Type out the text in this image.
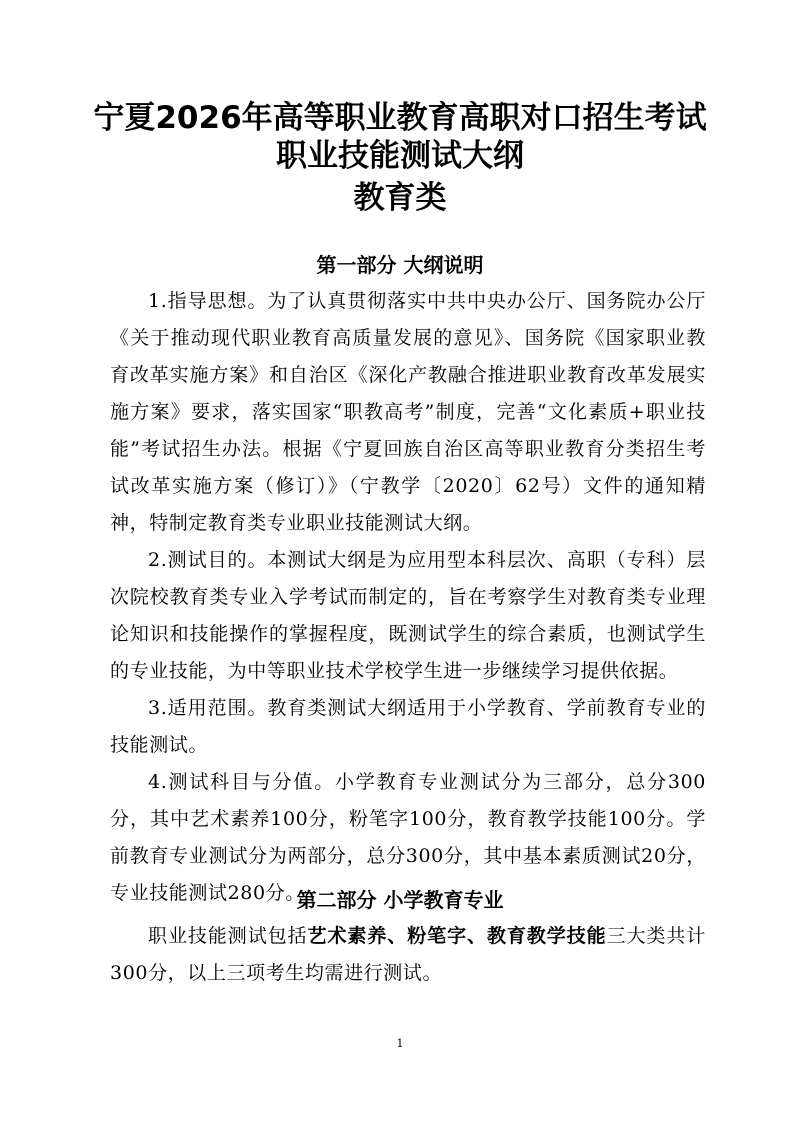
宁夏2026年高等职业教育高职对口招生考试
职业技能测试大纲
教育类
第一部分 大纲说明

1.指导思想。为了认真贯彻落实中共中央办公厅、国务院办公厅《关于推动现代职业教育高质量发展的意见》、国务院《国家职业教育改革实施方案》和自治区《深化产教融合推进职业教育改革发展实施方案》要求，落实国家“职教高考”制度，完善“文化素质+职业技能”考试招生办法。根据《宁夏回族自治区高等职业教育分类招生考试改革实施方案（修订）》（宁教学〔2020〕62号）文件的通知精神，特制定教育类专业职业技能测试大纲。

2.测试目的。本测试大纲是为应用型本科层次、高职（专科）层次院校教育类专业入学考试而制定的，旨在考察学生对教育类专业理论知识和技能操作的掌握程度，既测试学生的综合素质，也测试学生的专业技能，为中等职业技术学校学生进一步继续学习提供依据。

3.适用范围。教育类测试大纲适用于小学教育、学前教育专业的技能测试。

4.测试科目与分值。小学教育专业测试分为三部分，总分300分，其中艺术素养100分，粉笔字100分，教育教学技能100分。学前教育专业测试分为两部分，总分300分，其中基本素质测试20分，专业技能测试280分。

第二部分 小学教育专业

职业技能测试包括艺术素养、粉笔字、教育教学技能三大类共计300分，以上三项考生均需进行测试。

1
